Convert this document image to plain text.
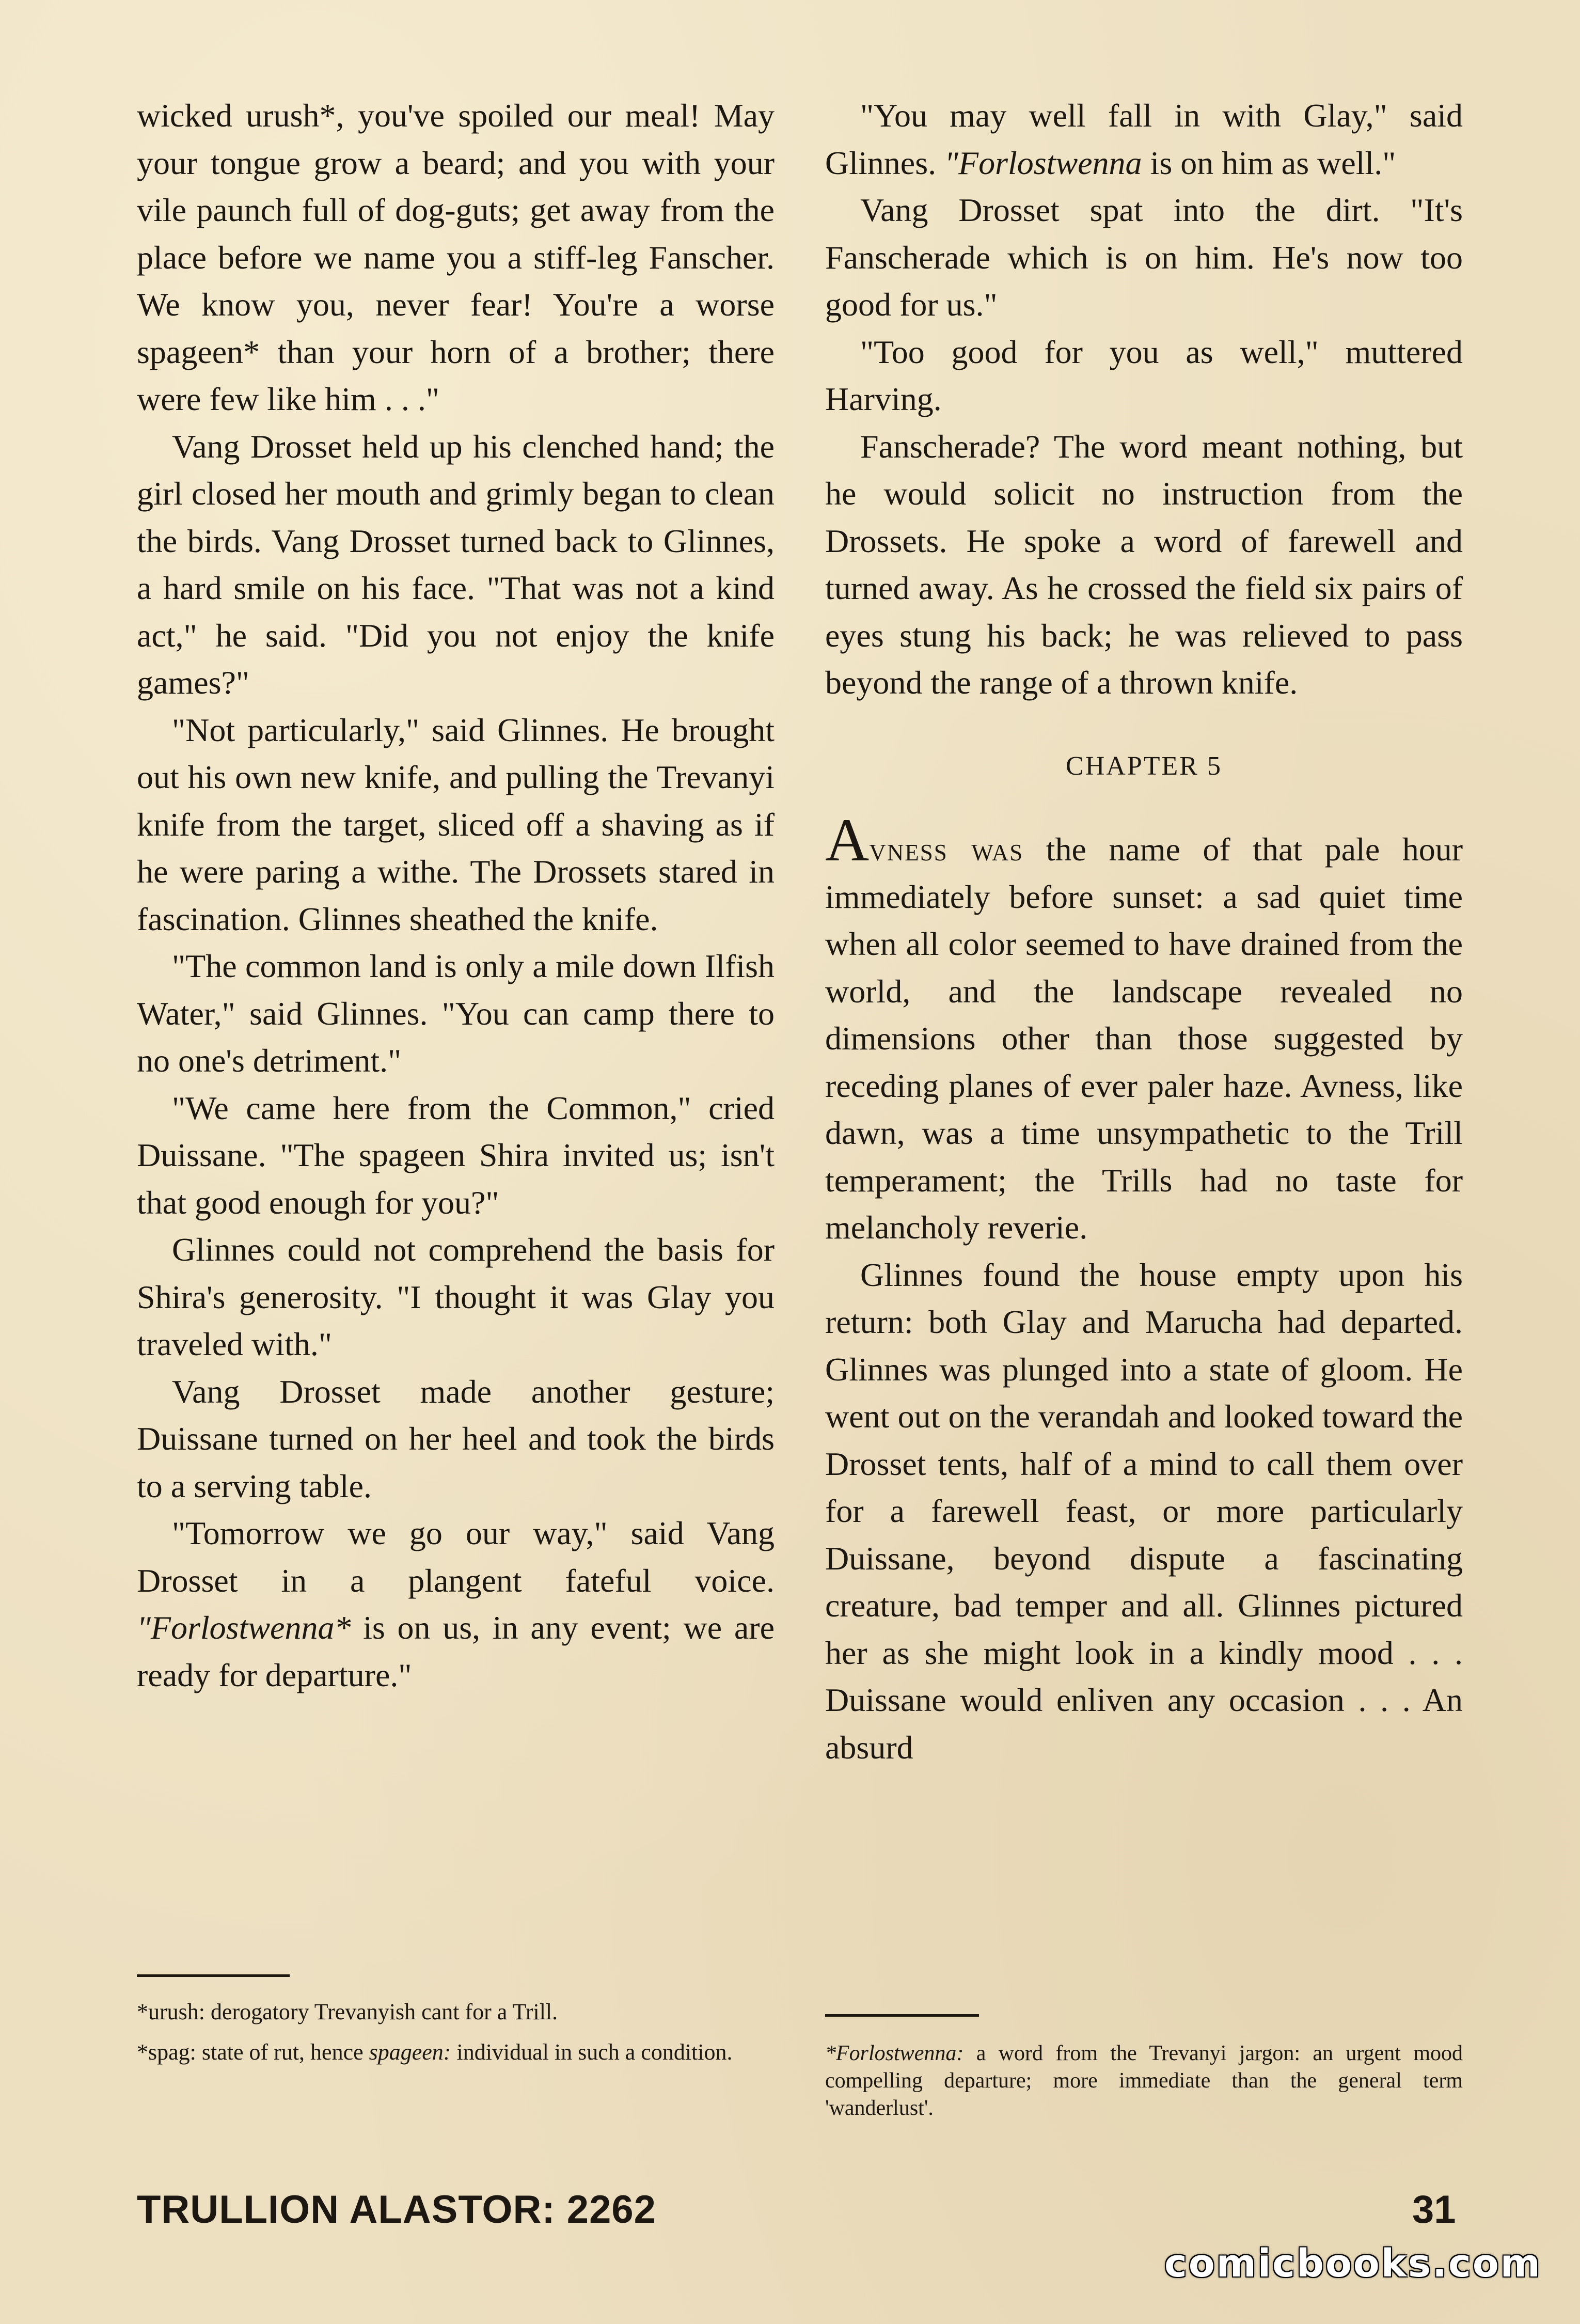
wicked urush*, you've spoiled our meal! May your tongue grow a beard; and you with your vile paunch full of dog-guts; get away from the place before we name you a stiff-leg Fanscher. We know you, never fear! You're a worse spageen* than your horn of a brother; there were few like him . . ."

Vang Drosset held up his clenched hand; the girl closed her mouth and grimly began to clean the birds. Vang Drosset turned back to Glinnes, a hard smile on his face. "That was not a kind act," he said. "Did you not enjoy the knife games?"

"Not particularly," said Glinnes. He brought out his own new knife, and pulling the Trevanyi knife from the target, sliced off a shaving as if he were paring a withe. The Drossets stared in fascination. Glinnes sheathed the knife.

"The common land is only a mile down Ilfish Water," said Glinnes. "You can camp there to no one's detriment."

"We came here from the Common," cried Duissane. "The spageen Shira invited us; isn't that good enough for you?"

Glinnes could not comprehend the basis for Shira's generosity. "I thought it was Glay you traveled with."

Vang Drosset made another gesture; Duissane turned on her heel and took the birds to a serving table.

"Tomorrow we go our way," said Vang Drosset in a plangent fateful voice. "Forlostwenna* is on us, in any event; we are ready for departure."

*urush: derogatory Trevanyish cant for a Trill.

*spag: state of rut, hence spageen: individual in such a condition.

"You may well fall in with Glay," said Glinnes. "Forlostwenna is on him as well."

Vang Drosset spat into the dirt. "It's Fanscherade which is on him. He's now too good for us."

"Too good for you as well," muttered Harving.

Fanscherade? The word meant nothing, but he would solicit no instruction from the Drossets. He spoke a word of farewell and turned away. As he crossed the field six pairs of eyes stung his back; he was relieved to pass beyond the range of a thrown knife.

CHAPTER 5

Avness was the name of that pale hour immediately before sunset: a sad quiet time when all color seemed to have drained from the world, and the landscape revealed no dimensions other than those suggested by receding planes of ever paler haze. Avness, like dawn, was a time unsympathetic to the Trill temperament; the Trills had no taste for melancholy reverie.

Glinnes found the house empty upon his return: both Glay and Marucha had departed. Glinnes was plunged into a state of gloom. He went out on the verandah and looked toward the Drosset tents, half of a mind to call them over for a farewell feast, or more particularly Duissane, beyond dispute a fascinating creature, bad temper and all. Glinnes pictured her as she might look in a kindly mood . . . Duissane would enliven any occasion . . . An absurd

*Forlostwenna: a word from the Trevanyi jargon: an urgent mood compelling departure; more immediate than the general term 'wanderlust'.

TRULLION ALASTOR: 2262	31
comicbooks.com
